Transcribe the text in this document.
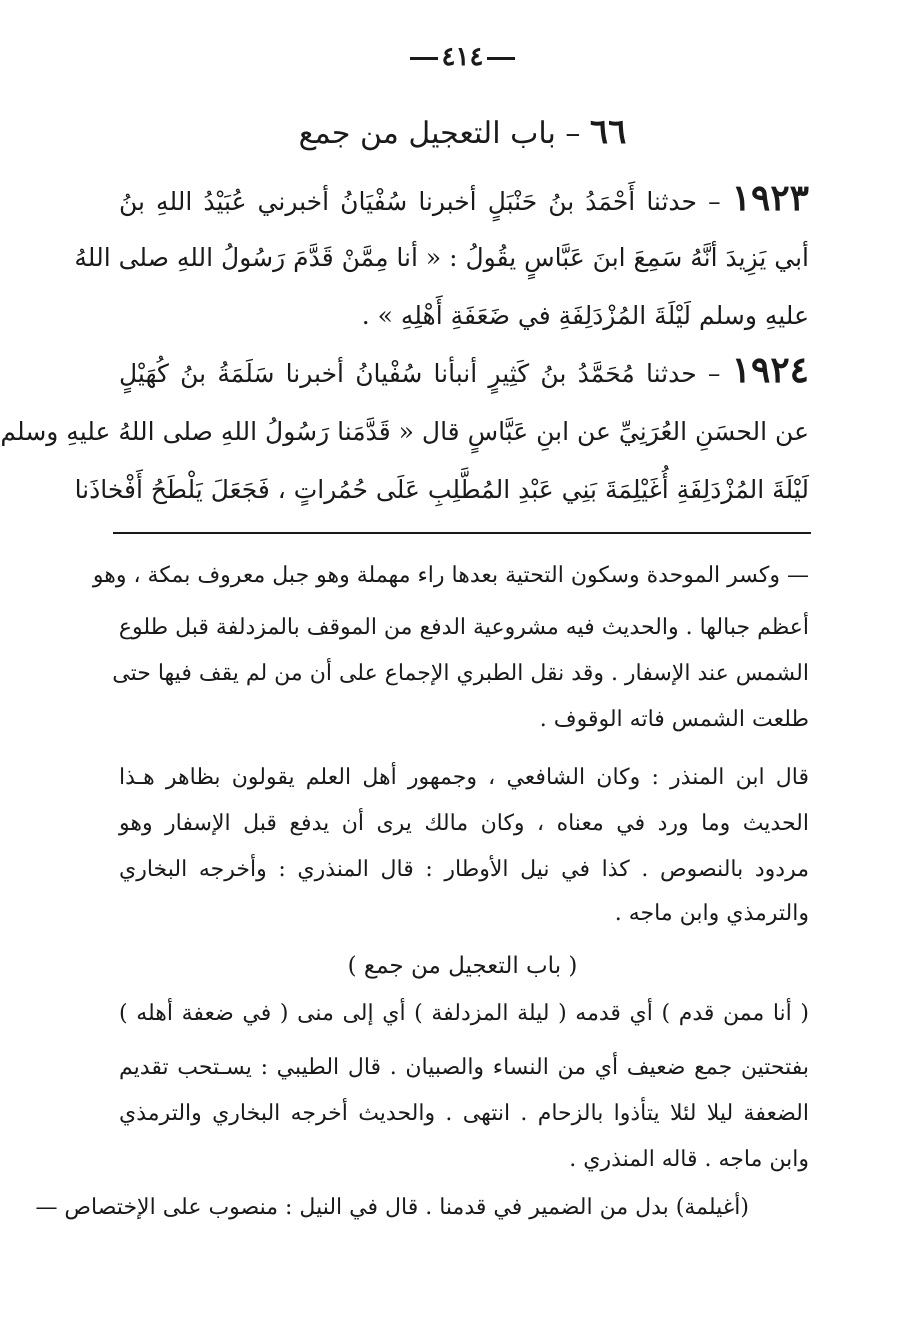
٤١٤
٦٦ – باب التعجيل من جمع
١٩٢٣ – حدثنا أَحْمَدُ بنُ حَنْبَلٍ أخبرنا سُفْيَانُ أخبرني عُبَيْدُ اللهِ بنُ
أبي يَزِيدَ أنَّهُ سَمِعَ ابنَ عَبَّاسٍ يقُولُ : « أنا مِمَّنْ قَدَّمَ رَسُولُ اللهِ صلى اللهُ
عليهِ وسلم لَيْلَةَ المُزْدَلِفَةِ في ضَعَفَةِ أَهْلِهِ » .
١٩٢٤ – حدثنا مُحَمَّدُ بنُ كَثِيرٍ أنبأنا سُفْيانُ أخبرنا سَلَمَةُ بنُ كُهَيْلٍ
عن الحسَنِ العُرَنِيِّ عن ابنِ عَبَّاسٍ قال « قَدَّمَنا رَسُولُ اللهِ صلى اللهُ عليهِ وسلم
لَيْلَةَ المُزْدَلِفَةِ أُغَيْلِمَةَ بَنِي عَبْدِ المُطَّلِبِ عَلَى حُمُراتٍ ، فَجَعَلَ يَلْطَحُ أَفْخاذَنا
— وكسر الموحدة وسكون التحتية بعدها راء مهملة وهو جبل معروف بمكة ، وهو
أعظم جبالها . والحديث فيه مشروعية الدفع من الموقف بالمزدلفة قبل طلوع
الشمس عند الإسفار . وقد نقل الطبري الإجماع على أن من لم يقف فيها حتى
طلعت الشمس فاته الوقوف .
قال ابن المنذر : وكان الشافعي ، وجمهور أهل العلم يقولون بظاهر هـذا
الحديث وما ورد في معناه ، وكان مالك يرى أن يدفع قبل الإسفار وهو
مردود بالنصوص . كذا في نيل الأوطار : قال المنذري : وأخرجه البخاري
والترمذي وابن ماجه .
( باب التعجيل من جمع )
( أنا ممن قدم ) أي قدمه ( ليلة المزدلفة ) أي إلى منى ( في ضعفة أهله )
بفتحتين جمع ضعيف أي من النساء والصبيان . قال الطيبي : يسـتحب تقديم
الضعفة ليلا لئلا يتأذوا بالزحام . انتهى . والحديث أخرجه البخاري والترمذي
وابن ماجه . قاله المنذري .
(أغيلمة) بدل من الضمير في قدمنا . قال في النيل : منصوب على الإختصاص —
